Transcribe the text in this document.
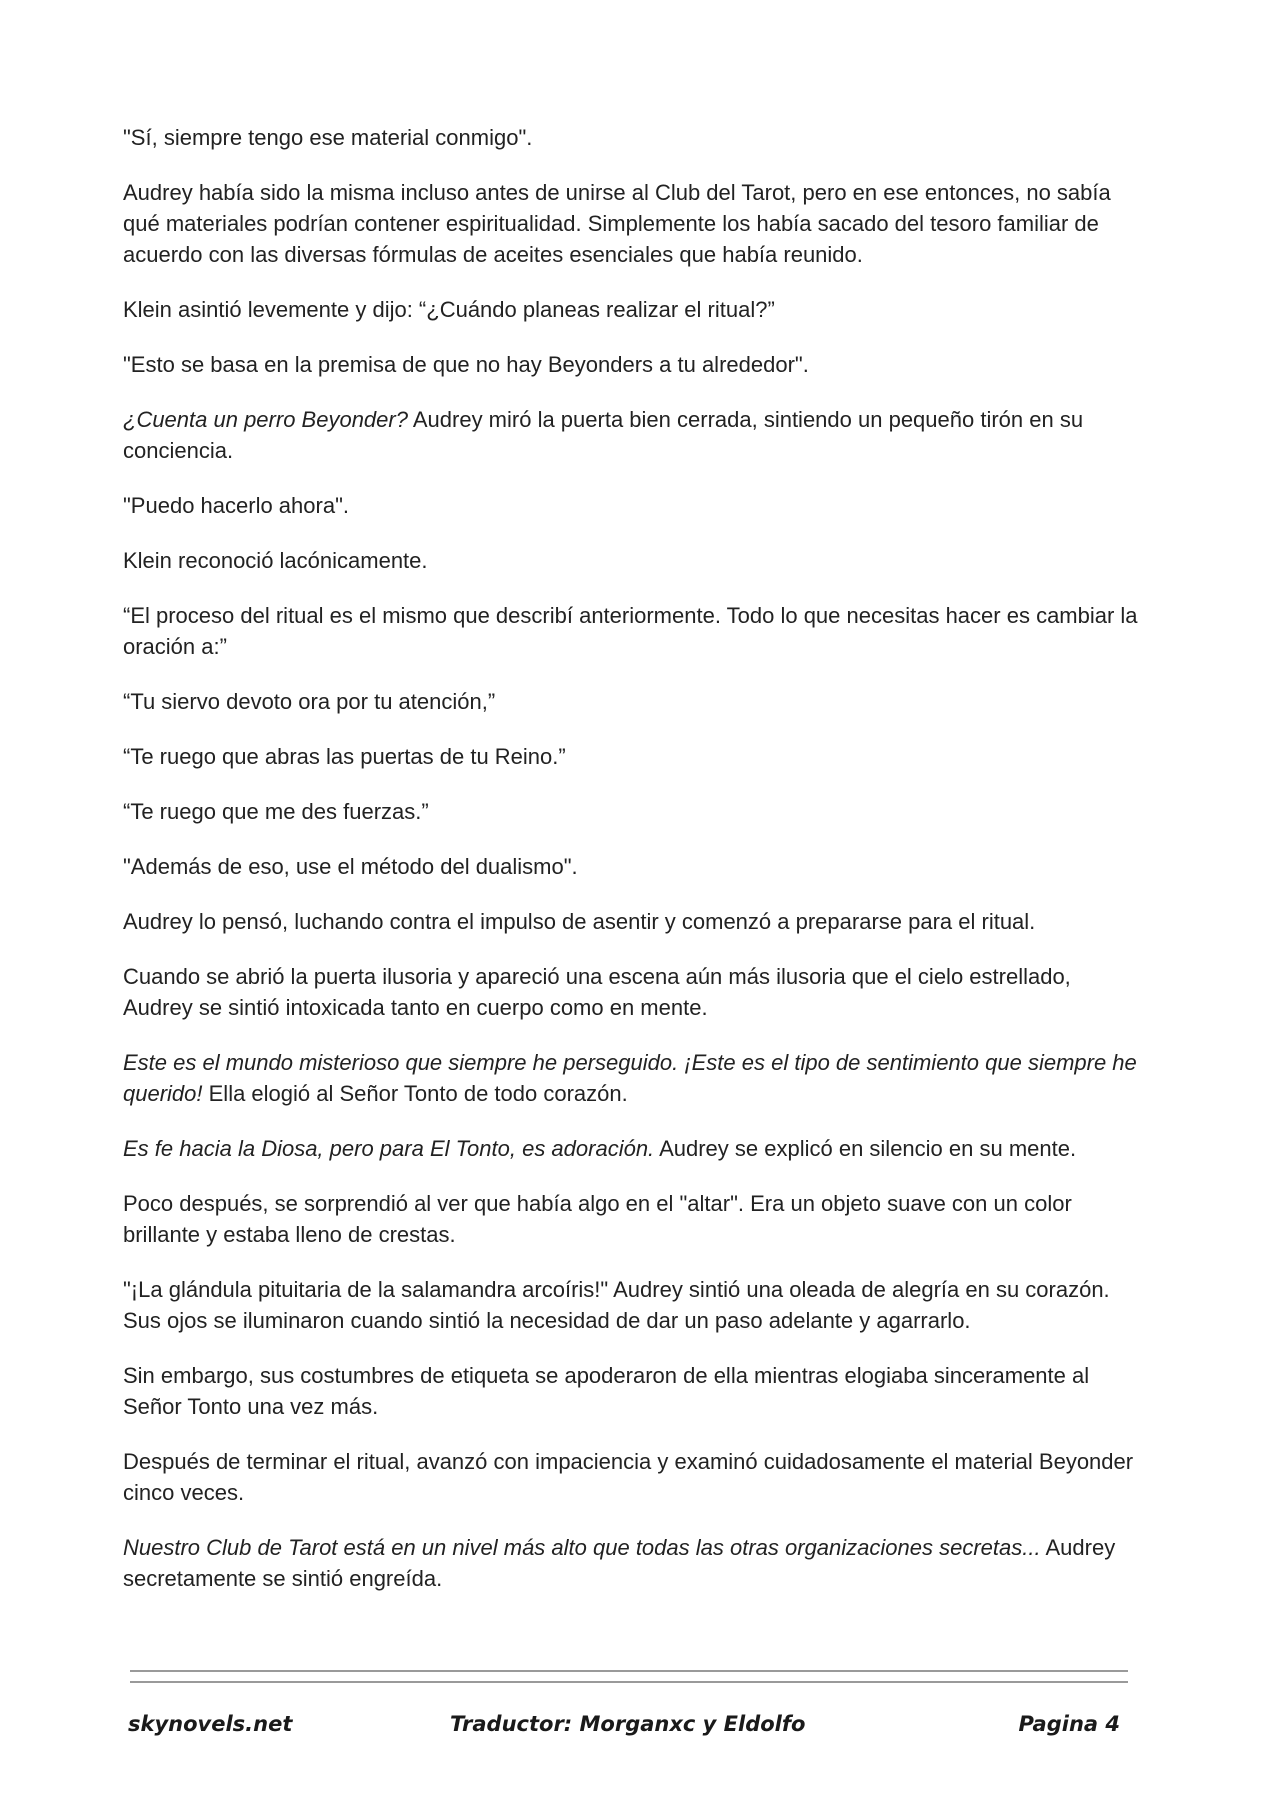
"Sí, siempre tengo ese material conmigo".

Audrey había sido la misma incluso antes de unirse al Club del Tarot, pero en ese entonces, no sabía qué materiales podrían contener espiritualidad. Simplemente los había sacado del tesoro familiar de acuerdo con las diversas fórmulas de aceites esenciales que había reunido.

Klein asintió levemente y dijo: “¿Cuándo planeas realizar el ritual?”

"Esto se basa en la premisa de que no hay Beyonders a tu alrededor".

¿Cuenta un perro Beyonder? Audrey miró la puerta bien cerrada, sintiendo un pequeño tirón en su conciencia.

"Puedo hacerlo ahora".

Klein reconoció lacónicamente.

“El proceso del ritual es el mismo que describí anteriormente. Todo lo que necesitas hacer es cambiar la oración a:”

“Tu siervo devoto ora por tu atención,”

“Te ruego que abras las puertas de tu Reino.”

“Te ruego que me des fuerzas.”

"Además de eso, use el método del dualismo".

Audrey lo pensó, luchando contra el impulso de asentir y comenzó a prepararse para el ritual.

Cuando se abrió la puerta ilusoria y apareció una escena aún más ilusoria que el cielo estrellado, Audrey se sintió intoxicada tanto en cuerpo como en mente.

Este es el mundo misterioso que siempre he perseguido. ¡Este es el tipo de sentimiento que siempre he querido! Ella elogió al Señor Tonto de todo corazón.

Es fe hacia la Diosa, pero para El Tonto, es adoración. Audrey se explicó en silencio en su mente.

Poco después, se sorprendió al ver que había algo en el "altar". Era un objeto suave con un color brillante y estaba lleno de crestas.

"¡La glándula pituitaria de la salamandra arcoíris!" Audrey sintió una oleada de alegría en su corazón. Sus ojos se iluminaron cuando sintió la necesidad de dar un paso adelante y agarrarlo.

Sin embargo, sus costumbres de etiqueta se apoderaron de ella mientras elogiaba sinceramente al Señor Tonto una vez más.

Después de terminar el ritual, avanzó con impaciencia y examinó cuidadosamente el material Beyonder cinco veces.

Nuestro Club de Tarot está en un nivel más alto que todas las otras organizaciones secretas... Audrey secretamente se sintió engreída.

skynovels.net	Traductor: Morganxc y Eldolfo	Pagina 4
